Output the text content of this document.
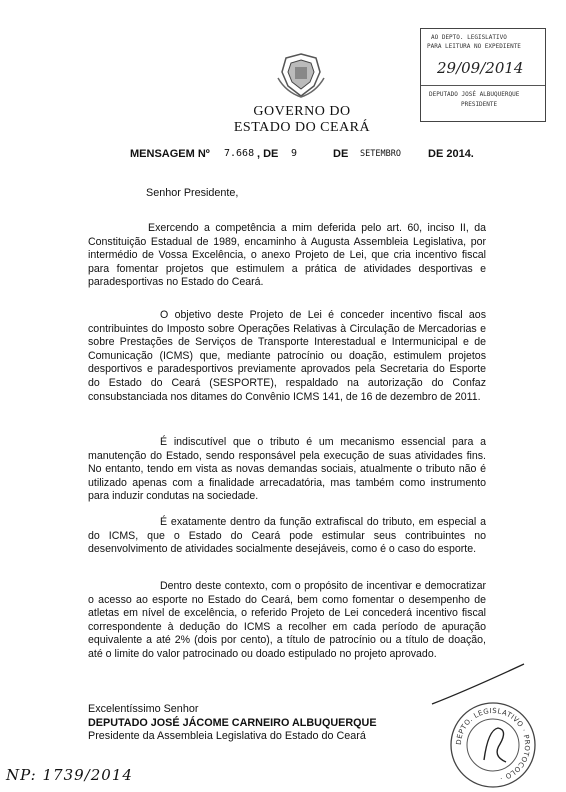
GOVERNO DO
ESTADO DO CEARÁ
AO DEPTO. LEGISLATIVO
PARA LEITURA NO EXPEDIENTE
29/09/2014
DEPUTADO JOSÉ ALBUQUERQUE
PRESIDENTE
MENSAGEM Nº 7.668 , DE 9	DE SETEMBRO DE 2014.
Senhor Presidente,
Exercendo a competência a mim deferida pelo art. 60, inciso II, da Constituição Estadual de 1989, encaminho à Augusta Assembleia Legislativa, por intermédio de Vossa Excelência, o anexo Projeto de Lei, que cria incentivo fiscal para fomentar projetos que estimulem a prática de atividades desportivas e paradesportivas no Estado do Ceará.
O objetivo deste Projeto de Lei é conceder incentivo fiscal aos contribuintes do Imposto sobre Operações Relativas à Circulação de Mercadorias e sobre Prestações de Serviços de Transporte Interestadual e Intermunicipal e de Comunicação (ICMS) que, mediante patrocínio ou doação, estimulem projetos desportivos e paradesportivos previamente aprovados pela Secretaria do Esporte do Estado do Ceará (SESPORTE), respaldado na autorização do Confaz consubstanciada nos ditames do Convênio ICMS 141, de 16 de dezembro de 2011.
É indiscutível que o tributo é um mecanismo essencial para a manutenção do Estado, sendo responsável pela execução de suas atividades fins. No entanto, tendo em vista as novas demandas sociais, atualmente o tributo não é utilizado apenas com a finalidade arrecadatória, mas também como instrumento para induzir condutas na sociedade.
É exatamente dentro da função extrafiscal do tributo, em especial a do ICMS, que o Estado do Ceará pode estimular seus contribuintes no desenvolvimento de atividades socialmente desejáveis, como é o caso do esporte.
Dentro deste contexto, com o propósito de incentivar e democratizar o acesso ao esporte no Estado do Ceará, bem como fomentar o desempenho de atletas em nível de excelência, o referido Projeto de Lei concederá incentivo fiscal correspondente à dedução do ICMS a recolher em cada período de apuração equivalente a até 2% (dois por cento), a título de patrocínio ou a título de doação, até o limite do valor patrocinado ou doado estipulado no projeto aprovado.
Excelentíssimo Senhor
DEPUTADO JOSÉ JÁCOME CARNEIRO ALBUQUERQUE
Presidente da Assembleia Legislativa do Estado do Ceará	DEPTO. LEGISLATIVO · PROTOCOLO ·
NP: 1739/2014
